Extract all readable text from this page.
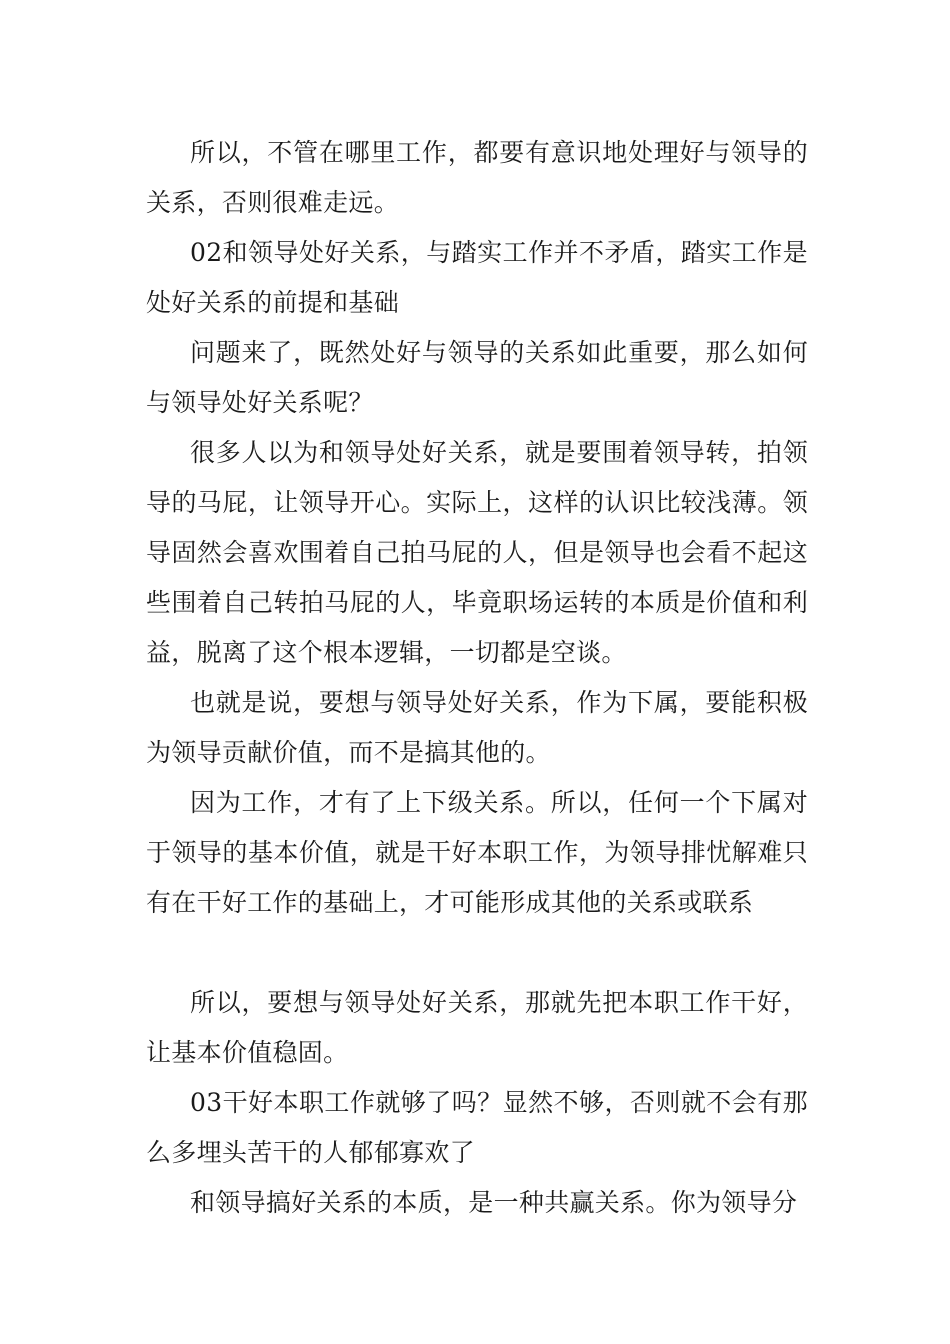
所以，不管在哪里工作，都要有意识地处理好与领导的关系，否则很难走远。

02和领导处好关系，与踏实工作并不矛盾，踏实工作是处好关系的前提和基础

问题来了，既然处好与领导的关系如此重要，那么如何与领导处好关系呢？

很多人以为和领导处好关系，就是要围着领导转，拍领导的马屁，让领导开心。实际上，这样的认识比较浅薄。领导固然会喜欢围着自己拍马屁的人，但是领导也会看不起这些围着自己转拍马屁的人，毕竟职场运转的本质是价值和利益，脱离了这个根本逻辑，一切都是空谈。

也就是说，要想与领导处好关系，作为下属，要能积极为领导贡献价值，而不是搞其他的。

因为工作，才有了上下级关系。所以，任何一个下属对于领导的基本价值，就是干好本职工作，为领导排忧解难只有在干好工作的基础上，才可能形成其他的关系或联系

所以，要想与领导处好关系，那就先把本职工作干好，让基本价值稳固。

03干好本职工作就够了吗？显然不够，否则就不会有那么多埋头苦干的人郁郁寡欢了

和领导搞好关系的本质，是一种共赢关系。你为领导分
